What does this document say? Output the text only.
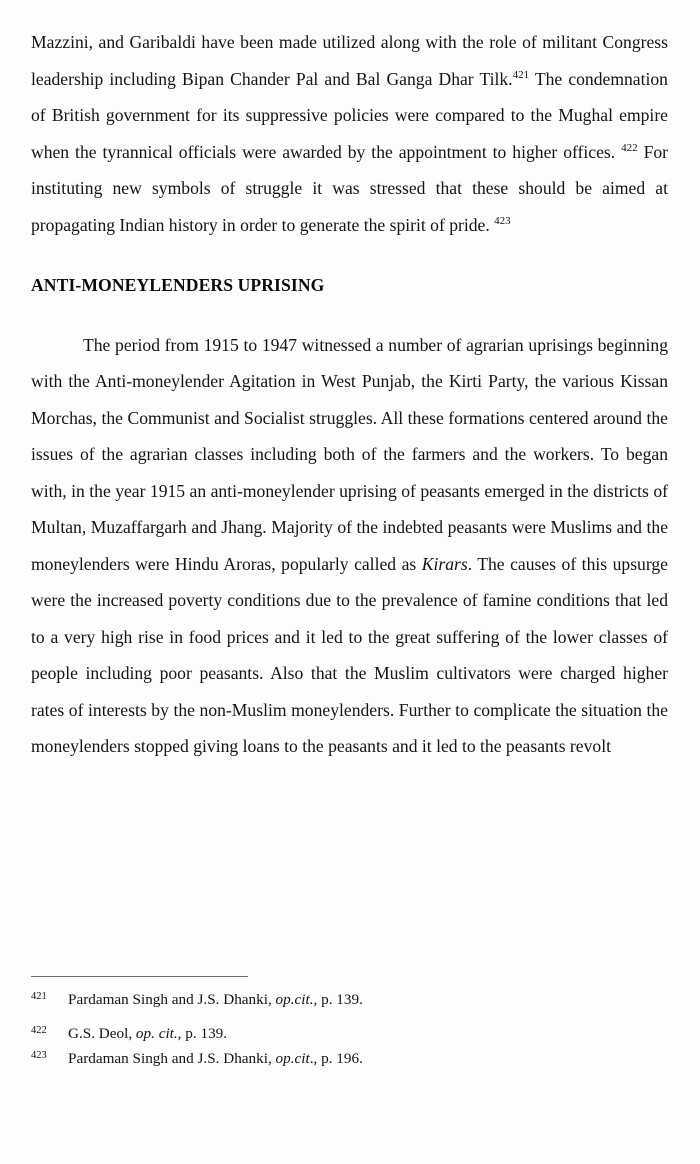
Mazzini, and Garibaldi have been made utilized along with the role of militant Congress leadership including Bipan Chander Pal and Bal Ganga Dhar Tilk.$^{421}$ The condemnation of British government for its suppressive policies were compared to the Mughal empire when the tyrannical officials were awarded by the appointment to higher offices. $^{422}$ For instituting new symbols of struggle it was stressed that these should be aimed at propagating Indian history in order to generate the spirit of pride. $^{423}$

ANTI-MONEYLENDERS UPRISING

The period from 1915 to 1947 witnessed a number of agrarian uprisings beginning with the Anti-moneylender Agitation in West Punjab, the Kirti Party, the various Kissan Morchas, the Communist and Socialist struggles. All these formations centered around the issues of the agrarian classes including both of the farmers and the workers. To began with, in the year 1915 an anti-moneylender uprising of peasants emerged in the districts of Multan, Muzaffargarh and Jhang. Majority of the indebted peasants were Muslims and the moneylenders were Hindu Aroras, popularly called as Kirars. The causes of this upsurge were the increased poverty conditions due to the prevalence of famine conditions that led to a very high rise in food prices and it led to the great suffering of the lower classes of people including poor peasants. Also that the Muslim cultivators were charged higher rates of interests by the non-Muslim moneylenders. Further to complicate the situation the moneylenders stopped giving loans to the peasants and it led to the peasants revolt

421	Pardaman Singh and J.S. Dhanki, op.cit., p. 139.
422	G.S. Deol, op. cit., p. 139.
423	Pardaman Singh and J.S. Dhanki, op.cit., p. 196.
